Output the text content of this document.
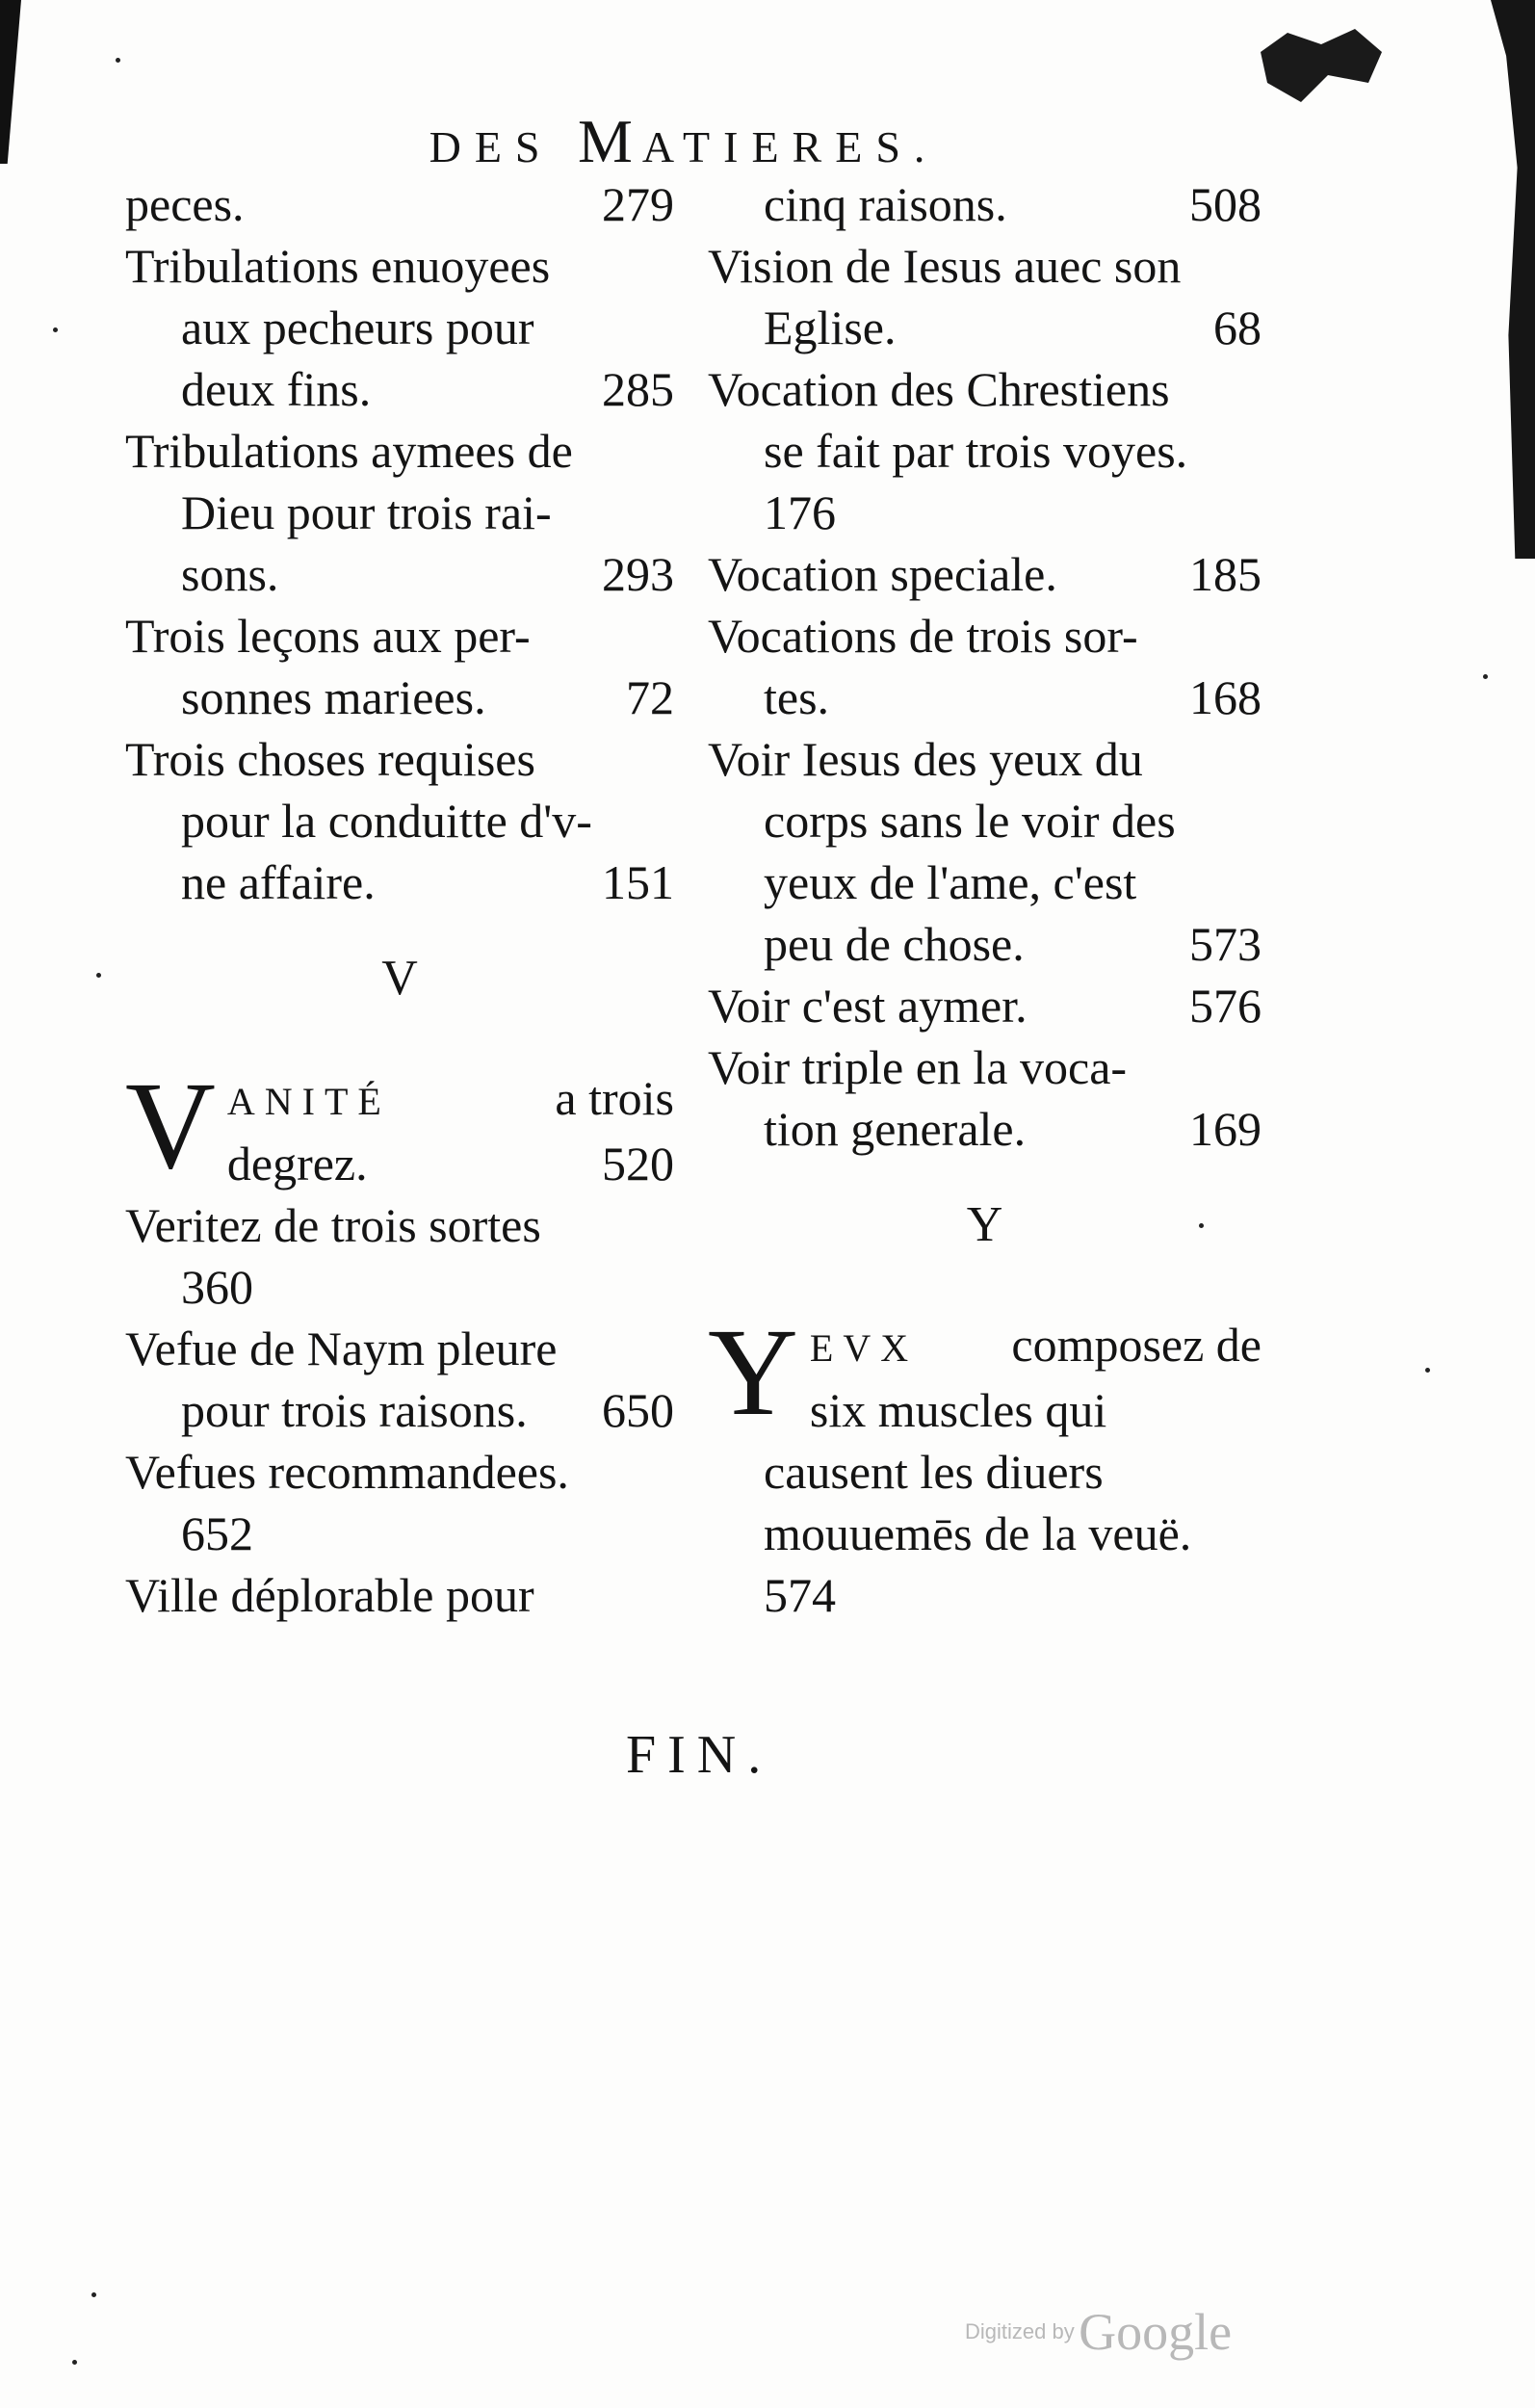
DES MATIERES.
peces.	279
Tribulations enuoyees
aux pecheurs pour
deux fins.	285
Tribulations aymees de
Dieu pour trois rai-
sons.	293
Trois leçons aux per-
sonnes mariees.	72
Trois choses requises
pour la conduitte d'v-
ne affaire.	151
V
V ANITÉ	a trois
degrez.	520
Veritez de trois sortes
360
Vefue de Naym pleure
pour trois raisons. 650
Vefues recommandees.
652
Ville déplorable pour
cinq raisons.	508
Vision de Iesus auec son
Eglise.	68
Vocation des Chrestiens
se fait par trois voyes.
176
Vocation speciale.	185
Vocations de trois sor-
tes.	168
Voir Iesus des yeux du
corps sans le voir des
yeux de l'ame, c'est
peu de chose.	573
Voir c'est aymer.	576
Voir triple en la voca-
tion generale.	169
Y
Y EVX composez de
six muscles qui
causent les diuers
mouuemēs de la veuë.
574
FIN.
Digitized by Google
